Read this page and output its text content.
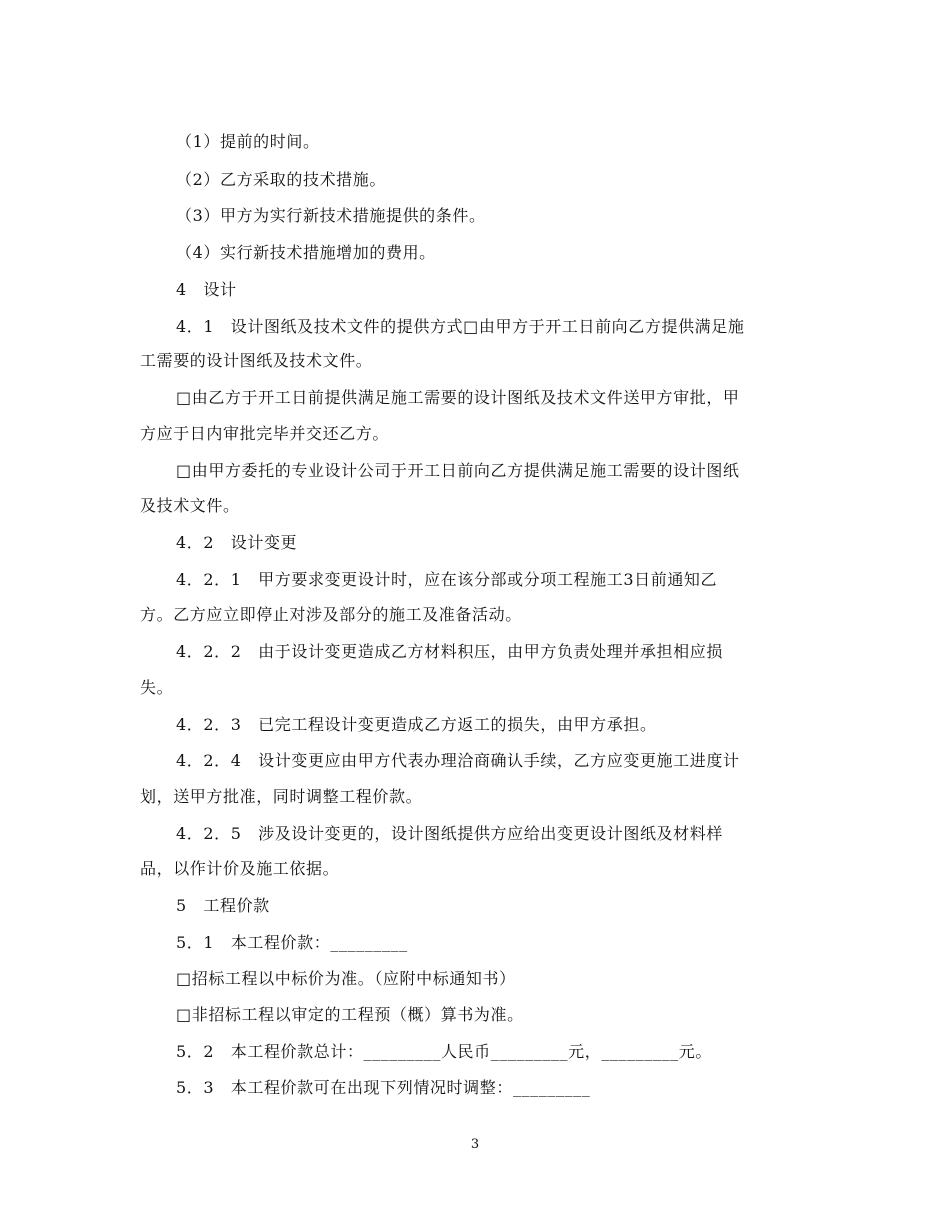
（1）提前的时间。
（2）乙方采取的技术措施。
（3）甲方为实行新技术措施提供的条件。
（4）实行新技术措施增加的费用。
4　设计
4．1　设计图纸及技术文件的提供方式□由甲方于开工日前向乙方提供满足施
工需要的设计图纸及技术文件。
□由乙方于开工日前提供满足施工需要的设计图纸及技术文件送甲方审批，甲
方应于日内审批完毕并交还乙方。
□由甲方委托的专业设计公司于开工日前向乙方提供满足施工需要的设计图纸
及技术文件。
4．2　设计变更
4．2．1　甲方要求变更设计时，应在该分部或分项工程施工3日前通知乙
方。乙方应立即停止对涉及部分的施工及准备活动。
4．2．2　由于设计变更造成乙方材料积压，由甲方负责处理并承担相应损
失。
4．2．3　已完工程设计变更造成乙方返工的损失，由甲方承担。
4．2．4　设计变更应由甲方代表办理洽商确认手续，乙方应变更施工进度计
划，送甲方批准，同时调整工程价款。
4．2．5　涉及设计变更的，设计图纸提供方应给出变更设计图纸及材料样
品，以作计价及施工依据。
5　工程价款
5．1　本工程价款：_________
□招标工程以中标价为准。（应附中标通知书）
□非招标工程以审定的工程预（概）算书为准。
5．2　本工程价款总计：_________人民币_________元，_________元。
5．3　本工程价款可在出现下列情况时调整：_________
3
